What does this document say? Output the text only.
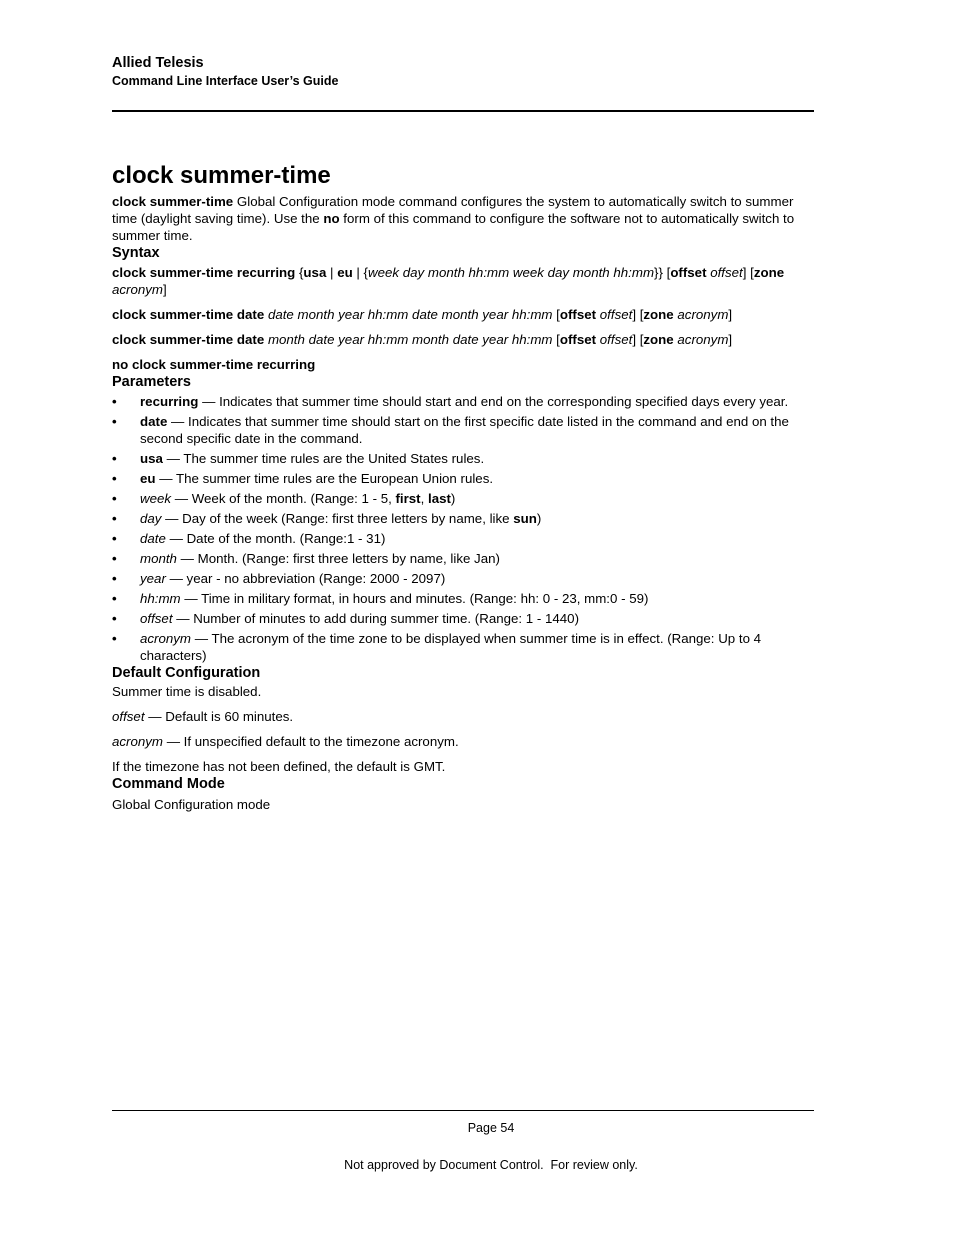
Allied Telesis
Command Line Interface User’s Guide
clock summer-time

clock summer-time Global Configuration mode command configures the system to automatically switch to summer time (daylight saving time). Use the no form of this command to configure the software not to automatically switch to summer time.

Syntax

clock summer-time recurring {usa | eu | {week day month hh:mm week day month hh:mm}} [offset offset] [zone acronym]

clock summer-time date date month year hh:mm date month year hh:mm [offset offset] [zone acronym]

clock summer-time date month date year hh:mm month date year hh:mm [offset offset] [zone acronym]

no clock summer-time recurring

Parameters
• recurring — Indicates that summer time should start and end on the corresponding specified days every year.
• date — Indicates that summer time should start on the first specific date listed in the command and end on the second specific date in the command.
• usa — The summer time rules are the United States rules.
• eu — The summer time rules are the European Union rules.
• week — Week of the month. (Range: 1 - 5, first, last)
• day — Day of the week (Range: first three letters by name, like sun)
• date — Date of the month. (Range:1 - 31)
• month — Month. (Range: first three letters by name, like Jan)
• year — year - no abbreviation (Range: 2000 - 2097)
• hh:mm — Time in military format, in hours and minutes. (Range: hh: 0 - 23, mm:0 - 59)
• offset — Number of minutes to add during summer time. (Range: 1 - 1440)
• acronym — The acronym of the time zone to be displayed when summer time is in effect. (Range: Up to 4 characters)
Default Configuration

Summer time is disabled.

offset — Default is 60 minutes.

acronym — If unspecified default to the timezone acronym.

If the timezone has not been defined, the default is GMT.

Command Mode

Global Configuration mode

Page 54
Not approved by Document Control.  For review only.
